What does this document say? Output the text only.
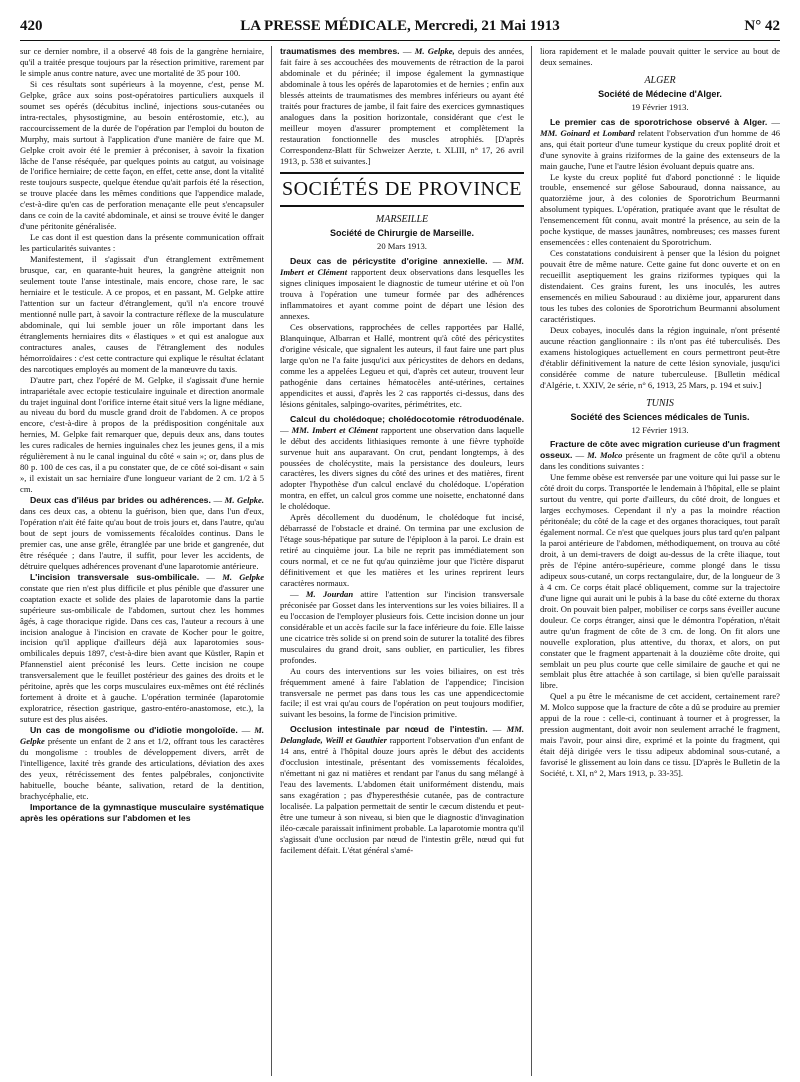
420	LA PRESSE MÉDICALE, Mercredi, 21 Mai 1913	N° 42

sur ce dernier nombre, il a observé 48 fois de la gangrène herniaire, qu'il a traitée presque toujours par la résection primitive, rarement par le simple anus contre nature, avec une mortalité de 35 pour 100.

Si ces résultats sont supérieurs à la moyenne, c'est, pense M. Gelpke, grâce aux soins post-opératoires particuliers auxquels il soumet ses opérés (décubitus incliné, injections sous-cutanées ou intra-rectales, physostigmine, au besoin entérostomie, etc.), au raccourcissement de la durée de l'opération par l'emploi du bouton de Murphy, mais surtout à l'application d'une manière de faire que M. Gelpke croit avoir été le premier à préconiser, à savoir la fixation lâche de l'anse réséquée, par quelques points au catgut, au voisinage de l'orifice herniaire; de cette façon, en effet, cette anse, dont la vitalité reste toujours suspecte, quelque étendue qu'ait parfois été la résection, se trouve placée dans les mêmes conditions que l'appendice malade, c'est-à-dire qu'en cas de perforation menaçante elle peut s'encapsuler dans ce coin de la cavité abdominale, et ainsi se trouve évité le danger d'une péritonite généralisée.

Le cas dont il est question dans la présente communication offrait les particularités suivantes :

Manifestement, il s'agissait d'un étranglement extrêmement brusque, car, en quarante-huit heures, la gangrène atteignit non seulement toute l'anse intestinale, mais encore, chose rare, le sac herniaire et le testicule. A ce propos, et en passant, M. Gelpke attire l'attention sur un facteur d'étranglement, qu'il n'a encore trouvé mentionné nulle part, à savoir la contracture réflexe de la musculature abdominale, qui lui semble jouer un rôle important dans les étranglements herniaires dits « élastiques » et qui est analogue aux contractures anales, causes de l'étranglement des nodules hémorroïdaires : c'est cette contracture qui explique le résultat éclatant des narcotiques employés au moment de la manœuvre du taxis.

D'autre part, chez l'opéré de M. Gelpke, il s'agissait d'une hernie intrapariétale avec ectopie testiculaire inguinale et direction anormale du trajet inguinal dont l'orifice interne était situé vers la ligne médiane, au niveau du bord du muscle grand droit de l'abdomen. A ce propos encore, c'est-à-dire à propos de la prédisposition congénitale aux hernies, M. Gelpke fait remarquer que, depuis deux ans, dans toutes les cures radicales de hernies inguinales chez les jeunes gens, il a mis régulièrement à nu le canal inguinal du côté « sain »; or, dans plus de 80 p. 100 de ces cas, il a pu constater que, de ce côté soi-disant « sain », il existait un sac herniaire d'une longueur variant de 2 cm. 1/2 à 5 cm.

Deux cas d'iléus par brides ou adhérences. — M. Gelpke. dans ces deux cas, a obtenu la guérison, bien que, dans l'un d'eux, l'opération n'ait été faite qu'au bout de trois jours et, dans l'autre, qu'au bout de sept jours de vomissements fécaloïdes continus. Dans le premier cas, une anse grêle, étranglée par une bride et gangrenée, dut être réséquée ; dans l'autre, il suffit, pour lever les accidents, de détruire quelques adhérences provenant d'une laparotomie antérieure.

L'incision transversale sus-ombilicale. — M. Gelpke constate que rien n'est plus difficile et plus pénible que d'assurer une coaptation exacte et solide des plaies de laparotomie dans la partie supérieure sus-ombilicale de l'abdomen, surtout chez les hommes âgés, à cage thoracique rigide. Dans ces cas, l'auteur a recours à une incision analogue à l'incision en cravate de Kocher pour le goitre, incision qu'il applique d'ailleurs déjà aux laparotomies sous-ombilicales depuis 1897, c'est-à-dire bien avant que Küstler, Rapin et Pfannenstiel aient préconisé les leurs. Cette incision ne coupe transversalement que le feuillet postérieur des gaines des droits et le péritoine, après que les corps musculaires eux-mêmes ont été réclinés fortement à droite et à gauche. L'opération terminée (laparotomie exploratrice, résection gastrique, gastro-entéro-anastomose, etc.), la suture est des plus aisées.

Un cas de mongolisme ou d'idiotie mongoloïde. — M. Gelpke présente un enfant de 2 ans et 1/2, offrant tous les caractères du mongolisme : troubles de développement divers, arrêt de l'intelligence, laxité très grande des articulations, déviation des axes des yeux, rétrécissement des fentes palpébrales, conjonctivite habituelle, bouche béante, salivation, retard de la dentition, brachycéphalie, etc.

Importance de la gymnastique musculaire systématique après les opérations sur l'abdomen et les

traumatismes des membres. — M. Gelpke, depuis des années, fait faire à ses accouchées des mouvements de rétraction de la paroi abdominale et du périnée; il impose également la gymnastique abdominale à tous les opérés de laparotomies et de hernies ; enfin aux blessés atteints de traumatismes des membres inférieurs ou ayant été traités pour fractures de jambe, il fait faire des exercices gymnastiques analogues dans la position horizontale, considérant que c'est le meilleur moyen d'assurer promptement et complètement la restauration fonctionnelle des muscles atrophiés. [D'après Correspondenz-Blatt für Schweizer Aerzte, t. XLIII, n° 17, 26 avril 1913, p. 538 et suivantes.]

SOCIÉTÉS DE PROVINCE

MARSEILLE

Société de Chirurgie de Marseille.

20 Mars 1913.

Deux cas de péricystite d'origine annexielle. — MM. Imbert et Clément rapportent deux observations dans lesquelles les signes cliniques imposaient le diagnostic de tumeur utérine et où l'on trouva à l'opération une tumeur formée par des adhérences inflammatoires et ayant comme point de départ une lésion des annexes.

Ces observations, rapprochées de celles rapportées par Hallé, Blanquinque, Albarran et Hallé, montrent qu'à côté des péricystites d'origine vésicale, que signalent les auteurs, il faut faire une part plus large qu'on ne l'a faite jusqu'ici aux péricystites de dehors en dedans, comme les a appelées Legueu et qui, d'après cet auteur, trouvent leur pathogénie dans certaines hématocèles anté-utérines, certaines appendicites et aussi, d'après les 2 cas rapportés ci-dessus, dans des lésions génitales, salpingo-ovarites, périmétrites, etc.

Calcul du cholédoque; cholédocotomie rétroduodénale. — MM. Imbert et Clément rapportent une observation dans laquelle le début des accidents lithiasiques remonte à une fièvre typhoïde survenue huit ans auparavant. On crut, pendant longtemps, à des poussées de cholécystite, mais la persistance des douleurs, leurs caractères, les divers signes du côté des urines et des matières, firent adopter l'hypothèse d'un calcul enclavé du cholédoque. L'opération montra, en effet, un calcul gros comme une noisette, enchatonné dans le cholédoque.

Après décollement du duodénum, le cholédoque fut incisé, débarrassé de l'obstacle et drainé. On termina par une exclusion de l'étage sous-hépatique par suture de l'épiploon à la paroi. Le drain est retiré au cinquième jour. La bile ne reprit pas immédiatement son cours normal, et ce ne fut qu'au quinzième jour que l'ictère disparut définitivement et que les matières et les urines reprirent leurs caractères normaux.

— M. Jourdan attire l'attention sur l'incision transversale préconisée par Gosset dans les interventions sur les voies biliaires. Il a eu l'occasion de l'employer plusieurs fois. Cette incision donne un jour considérable et un accès facile sur la face inférieure du foie. Elle laisse une cicatrice très solide si on prend soin de suturer la totalité des fibres musculaires du grand droit, sans oublier, en particulier, les fibres profondes.

Au cours des interventions sur les voies biliaires, on est très fréquemment amené à faire l'ablation de l'appendice; l'incision transversale ne permet pas dans tous les cas une appendicectomie facile; il est vrai qu'au cours de l'opération on peut toujours modifier, suivant les besoins, la forme de l'incision primitive.

Occlusion intestinale par nœud de l'intestin. — MM. Delanglade, Weill et Gauthier rapportent l'observation d'un enfant de 14 ans, entré à l'hôpital douze jours après le début des accidents d'occlusion intestinale, présentant des vomissements fécaloïdes, n'émettant ni gaz ni matières et rendant par l'anus du sang mélangé à l'eau des lavements. L'abdomen était uniformément distendu, mais sans exagération ; pas d'hyperesthésie cutanée, pas de contracture localisée. La palpation permettait de sentir le cæcum distendu et peut-être une tumeur à son niveau, si bien que le diagnostic d'invagination iléo-cæcale paraissait infiniment probable. La laparotomie montra qu'il s'agissait d'une occlusion par nœud de l'intestin grêle, nœud qui fut facilement défait. L'état général s'amé-

liora rapidement et le malade pouvait quitter le service au bout de deux semaines.

ALGER

Société de Médecine d'Alger.

19 Février 1913.

Le premier cas de sporotrichose observé à Alger. — MM. Goinard et Lombard relatent l'observation d'un homme de 46 ans, qui était porteur d'une tumeur kystique du creux poplité droit et d'une synovite à grains riziformes de la gaine des extenseurs de la main gauche, l'une et l'autre lésion évoluant depuis quatre ans.

Le kyste du creux poplité fut d'abord ponctionné : le liquide trouble, ensemencé sur gélose Sabouraud, donna naissance, au quatorzième jour, à des colonies de Sporotrichum Beurmanni absolument typiques. L'opération, pratiquée avant que le résultat de l'ensemencement fût connu, avait montré la présence, au sein de la poche kystique, de masses jaunâtres, nombreuses; ces masses furent ensemencées : elles contenaient du Sporotrichum.

Ces constatations conduisirent à penser que la lésion du poignet pouvait être de même nature. Cette gaine fut donc ouverte et on en recueillit aseptiquement les grains riziformes typiques qui la distendaient. Ces grains furent, les uns inoculés, les autres ensemencés en milieu Sabouraud : au dixième jour, apparurent dans tous les tubes des colonies de Sporotrichum Beurmanni absolument caractéristiques.

Deux cobayes, inoculés dans la région inguinale, n'ont présenté aucune réaction ganglionnaire : ils n'ont pas été tuberculisés. Des examens histologiques actuellement en cours permettront peut-être d'établir définitivement la nature de cette lésion synoviale, jusqu'ici considérée comme de nature tuberculeuse. [Bulletin médical d'Algérie, t. XXIV, 2e série, n° 6, 1913, 25 Mars, p. 194 et suiv.]

TUNIS

Société des Sciences médicales de Tunis.

12 Février 1913.

Fracture de côte avec migration curieuse d'un fragment osseux. — M. Molco présente un fragment de côte qu'il a obtenu dans les conditions suivantes :

Une femme obèse est renversée par une voiture qui lui passe sur le côté droit du corps. Transportée le lendemain à l'hôpital, elle se plaint surtout du ventre, qui porte d'ailleurs, du côté droit, de longues et larges ecchymoses. Cependant il n'y a pas la moindre réaction péritonéale; du côté de la cage et des organes thoraciques, tout paraît également normal. Ce n'est que quelques jours plus tard qu'en palpant la paroi antérieure de l'abdomen, méthodiquement, on trouva au côté droit, à un demi-travers de doigt au-dessus de la crête iliaque, tout près de l'épine antéro-supérieure, comme plongé dans le tissu adipeux sous-cutané, un corps rectangulaire, dur, de la longueur de 3 à 4 cm. Ce corps était placé obliquement, comme sur la trajectoire d'une ligne qui aurait uni le pubis à la base du côté externe du thorax droit. On pouvait bien palper, mobiliser ce corps sans éveiller aucune douleur. Ce corps étranger, ainsi que le démontra l'opération, n'était autre qu'un fragment de côte de 3 cm. de long. On fit alors une nouvelle exploration, plus attentive, du thorax, et alors, on put constater que le fragment appartenait à la douzième côte droite, qui semblait un peu plus courte que celle similaire de gauche et qui ne semblait plus être attachée à son cartilage, si bien qu'elle paraissait libre.

Quel a pu être le mécanisme de cet accident, certainement rare? M. Molco suppose que la fracture de côte a dû se produire au premier appui de la roue : celle-ci, continuant à tourner et à progresser, la pression augmentant, doit avoir non seulement arraché le fragment, mais l'avoir, pour ainsi dire, exprimé et la pointe du fragment, qui était déjà dirigée vers le tissu adipeux abdominal sous-cutané, a favorisé le glissement au loin dans ce tissu. [D'après le Bulletin de la Société, t. XI, n° 2, Mars 1913, p. 33-35].
